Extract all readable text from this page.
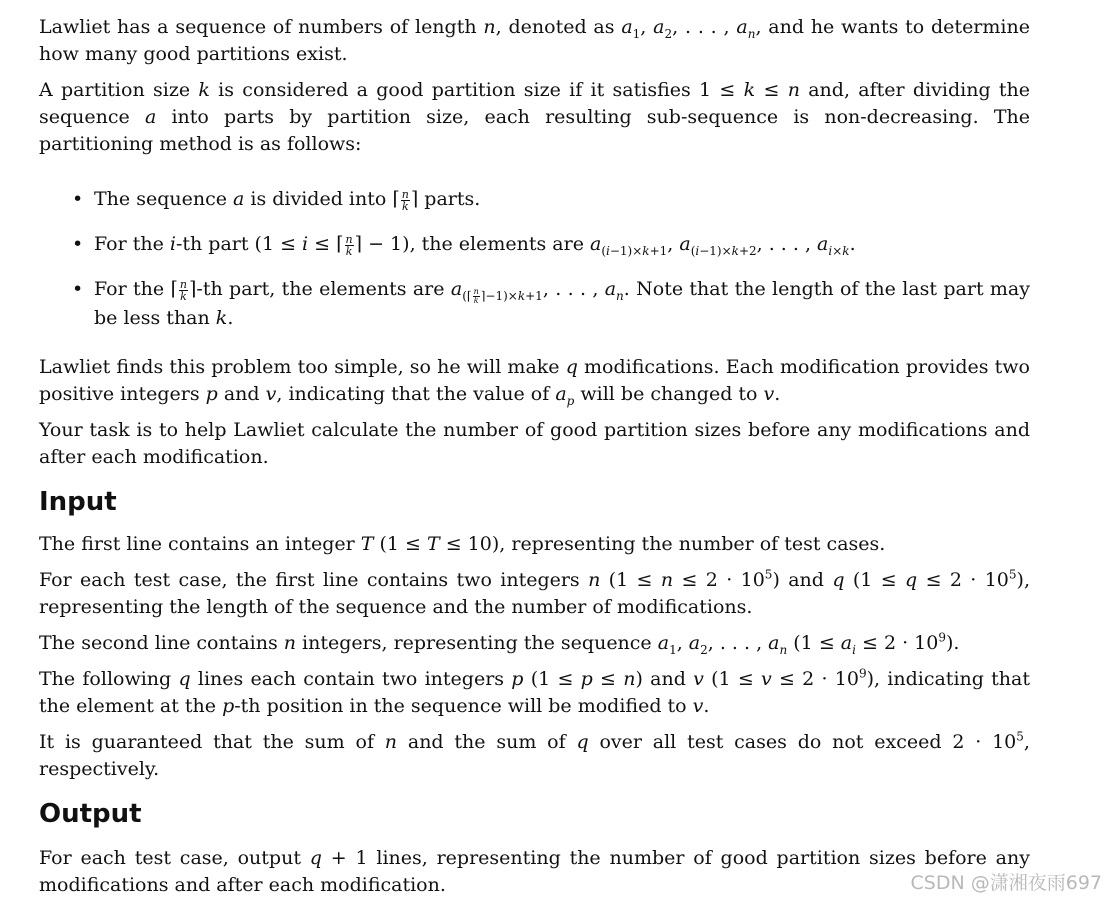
Lawliet has a sequence of numbers of length n, denoted as $a_1$, $a_2$, . . . , $a_n$, and he wants to determine how many good partitions exist.

A partition size k is considered a good partition size if it satisfies 1 ≤ k ≤ n and, after dividing the sequence a into parts by partition size, each resulting sub-sequence is non-decreasing. The partitioning method is as follows:

• The sequence a is divided into ⌈ $\frac{n}{k}$ ⌉ parts.
• For the i-th part (1 ≤ i ≤ ⌈ $\frac{n}{k}$ ⌉ − 1), the elements are $a_{(i-1)\times k+1}$, $a_{(i-1)\times k+2}$, . . . , $a_{i\times k}$.
• For the ⌈ $\frac{n}{k}$ ⌉-th part, the elements are $a_{(⌈ \frac{n}{k} ⌉-1)\times k+1}$, . . . , $a_n$. Note that the length of the last part may be less than k.

Lawliet finds this problem too simple, so he will make q modifications. Each modification provides two positive integers p and v, indicating that the value of $a_p$ will be changed to v.

Your task is to help Lawliet calculate the number of good partition sizes before any modifications and after each modification.

Input

The first line contains an integer T (1 ≤ T ≤ 10), representing the number of test cases.

For each test case, the first line contains two integers n $(1 \le n \le 2 \cdot 10^5)$ and q $(1 \le q \le 2 \cdot 10^5)$, representing the length of the sequence and the number of modifications.

The second line contains n integers, representing the sequence $a_1$, $a_2$, . . . , $a_n$ $(1 \le a_i \le 2 \cdot 10^9)$.

The following q lines each contain two integers p (1 ≤ p ≤ n) and v $(1 \le v \le 2 \cdot 10^9)$, indicating that the element at the p-th position in the sequence will be modified to v.

It is guaranteed that the sum of n and the sum of q over all test cases do not exceed $2 \cdot 10^5$, respectively.

Output

For each test case, output q + 1 lines, representing the number of good partition sizes before any modifications and after each modification.	CSDN @潇湘夜雨697
